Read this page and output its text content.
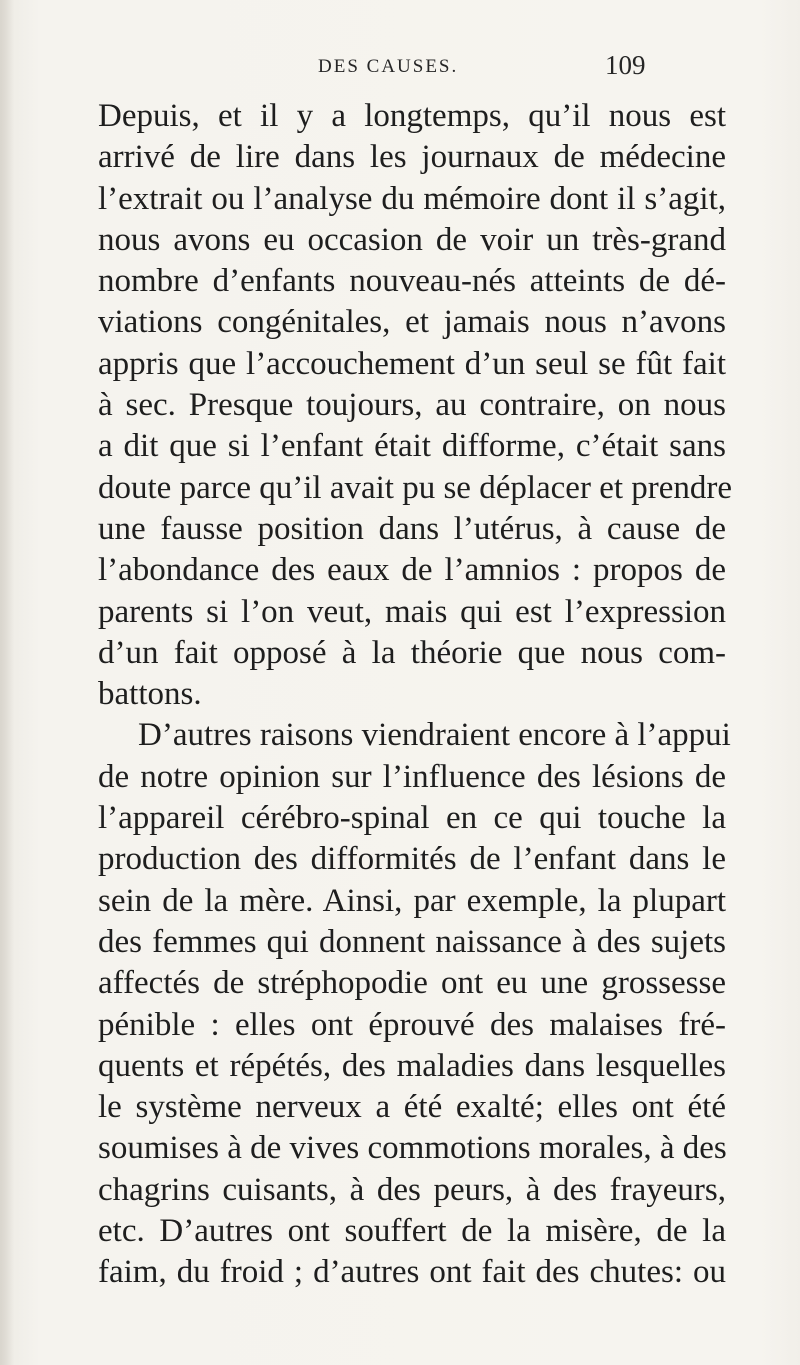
DES CAUSES.	109
Depuis, et il y a longtemps, qu’il nous est
arrivé de lire dans les journaux de médecine
l’extrait ou l’analyse du mémoire dont il s’agit,
nous avons eu occasion de voir un très-grand
nombre d’enfants nouveau-nés atteints de dé-
viations congénitales, et jamais nous n’avons
appris que l’accouchement d’un seul se fût fait
à sec. Presque toujours, au contraire, on nous
a dit que si l’enfant était difforme, c’était sans
doute parce qu’il avait pu se déplacer et prendre
une fausse position dans l’utérus, à cause de
l’abondance des eaux de l’amnios : propos de
parents si l’on veut, mais qui est l’expression
d’un fait opposé à la théorie que nous com-
battons.
D’autres raisons viendraient encore à l’appui
de notre opinion sur l’influence des lésions de
l’appareil cérébro-spinal en ce qui touche la
production des difformités de l’enfant dans le
sein de la mère. Ainsi, par exemple, la plupart
des femmes qui donnent naissance à des sujets
affectés de stréphopodie ont eu une grossesse
pénible : elles ont éprouvé des malaises fré-
quents et répétés, des maladies dans lesquelles
le système nerveux a été exalté; elles ont été
soumises à de vives commotions morales, à des
chagrins cuisants, à des peurs, à des frayeurs,
etc. D’autres ont souffert de la misère, de la
faim, du froid ; d’autres ont fait des chutes: ou
